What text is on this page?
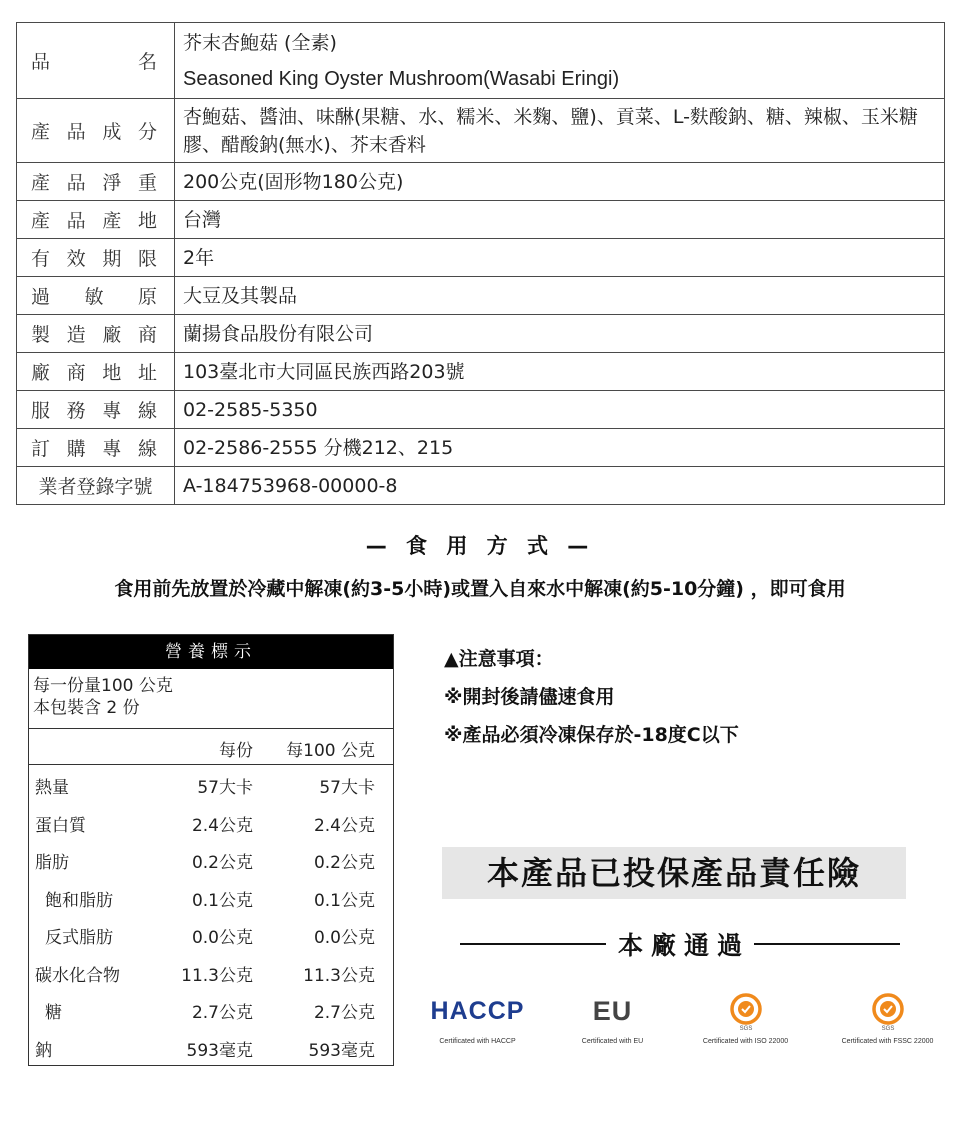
品　　名	芥末杏鮑菇 (全素)
Seasoned King Oyster Mushroom(Wasabi Eringi)

產品成分	杏鮑菇、醬油、味醂(果糖、水、糯米、米麴、鹽)、貢菜、L-麩酸鈉、糖、辣椒、玉米糖膠、醋酸鈉(無水)、芥末香料
產品淨重	200公克(固形物180公克)
產品產地	台灣
有效期限	2年
過敏原	大豆及其製品
製造廠商	蘭揚食品股份有限公司
廠商地址	103臺北市大同區民族西路203號
服務專線	02-2585-5350
訂購專線	02-2586-2555 分機212、215
業者登錄字號	A-184753968-00000-8
— 食 用 方 式 —
食用前先放置於冷藏中解凍(約3-5小時)或置入自來水中解凍(約5-10分鐘) ，即可食用
營養標示
每一份量100 公克
本包裝含 2 份
每份 每100 公克
熱量	57大卡	57大卡
蛋白質	2.4公克	2.4公克
脂肪	0.2公克	0.2公克
飽和脂肪	0.1公克	0.1公克
反式脂肪	0.0公克	0.0公克
碳水化合物	11.3公克	11.3公克
糖	2.7公克	2.7公克
鈉	593毫克	593毫克
▲注意事項：
※開封後請儘速食用
※產品必須冷凍保存於-18度C以下
本產品已投保產品責任險
本廠通過
HACCP
Certificated with HACCP
EU
Certificated with EU
SGS
Certificated with ISO 22000
SGS
Certificated with FSSC 22000
